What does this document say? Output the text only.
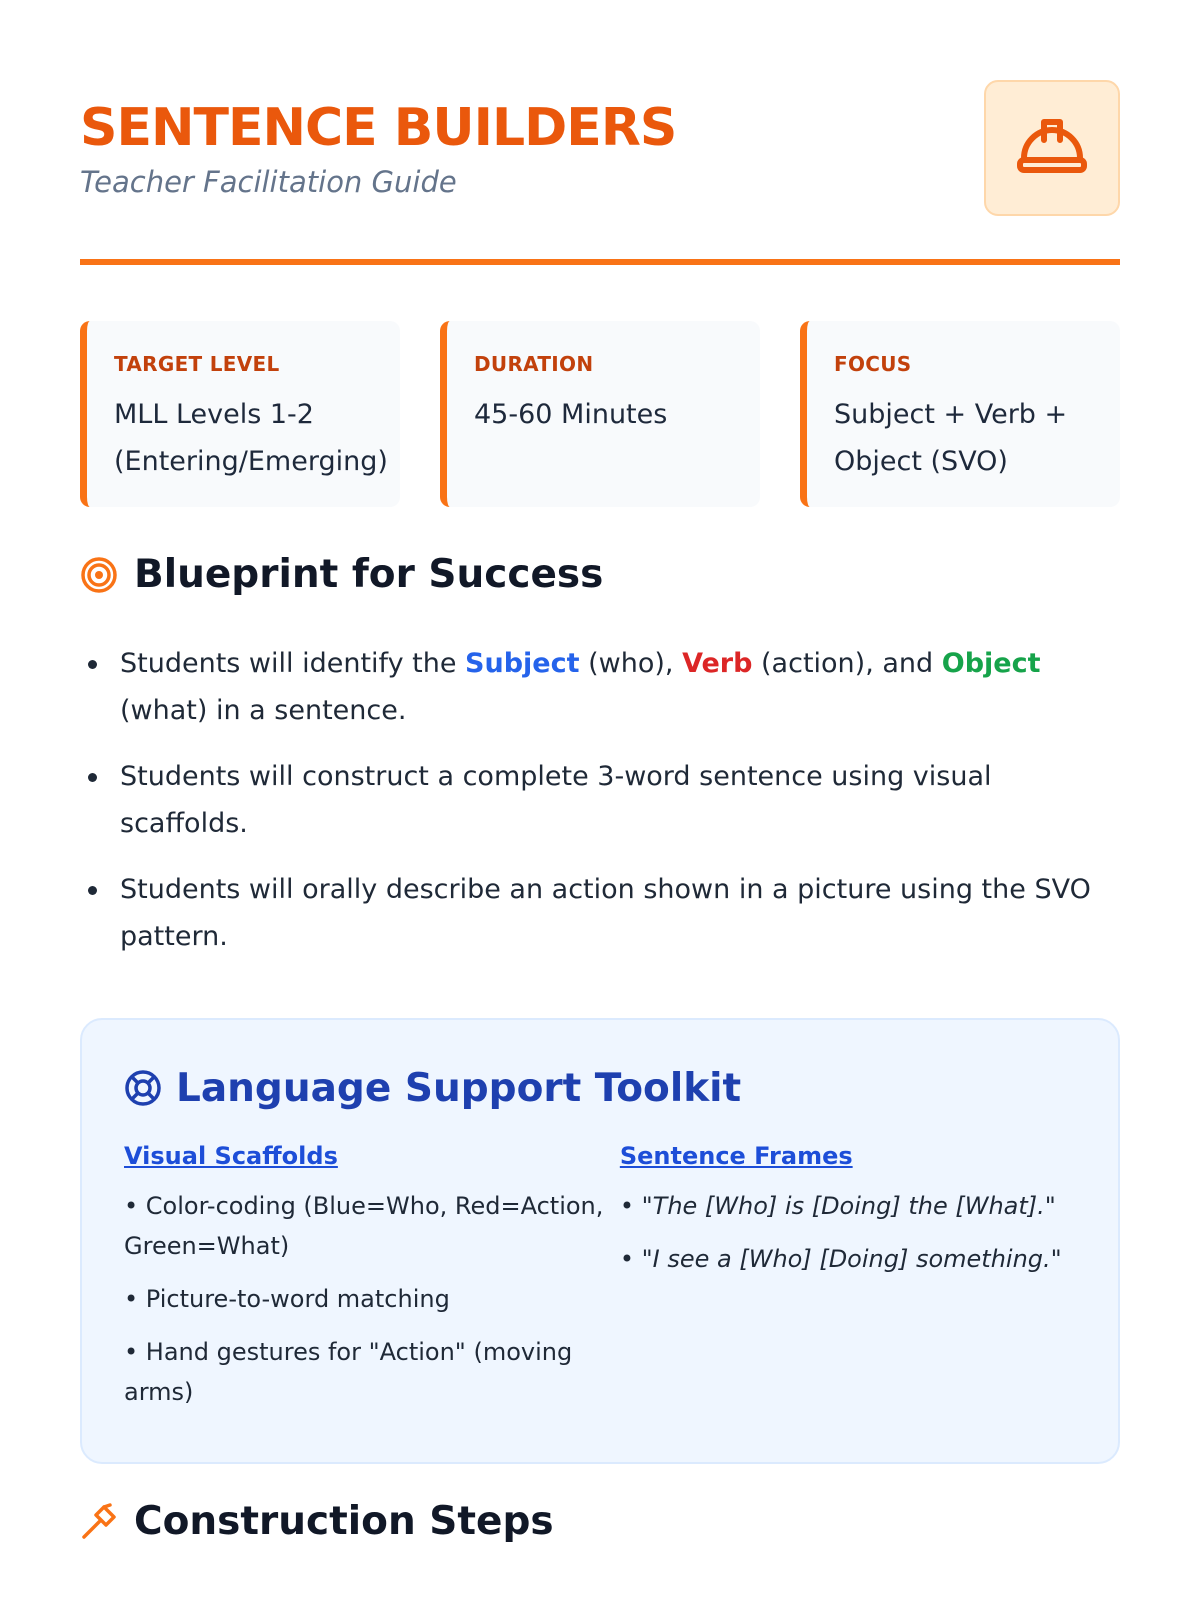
SENTENCE BUILDERS
Teacher Facilitation Guide
TARGET LEVEL
MLL Levels 1-2 (Entering/Emerging)
DURATION
45-60 Minutes
FOCUS
Subject + Verb + Object (SVO)
Blueprint for Success
Students will identify the Subject (who), Verb (action), and Object (what) in a sentence.
Students will construct a complete 3-word sentence using visual scaffolds.
Students will orally describe an action shown in a picture using the SVO pattern.
Language Support Toolkit
Visual Scaffolds
• Color-coding (Blue=Who, Red=Action, Green=What)
• Picture-to-word matching
• Hand gestures for "Action" (moving arms)
Sentence Frames
• "The [Who] is [Doing] the [What]."
• "I see a [Who] [Doing] something."
Construction Steps
